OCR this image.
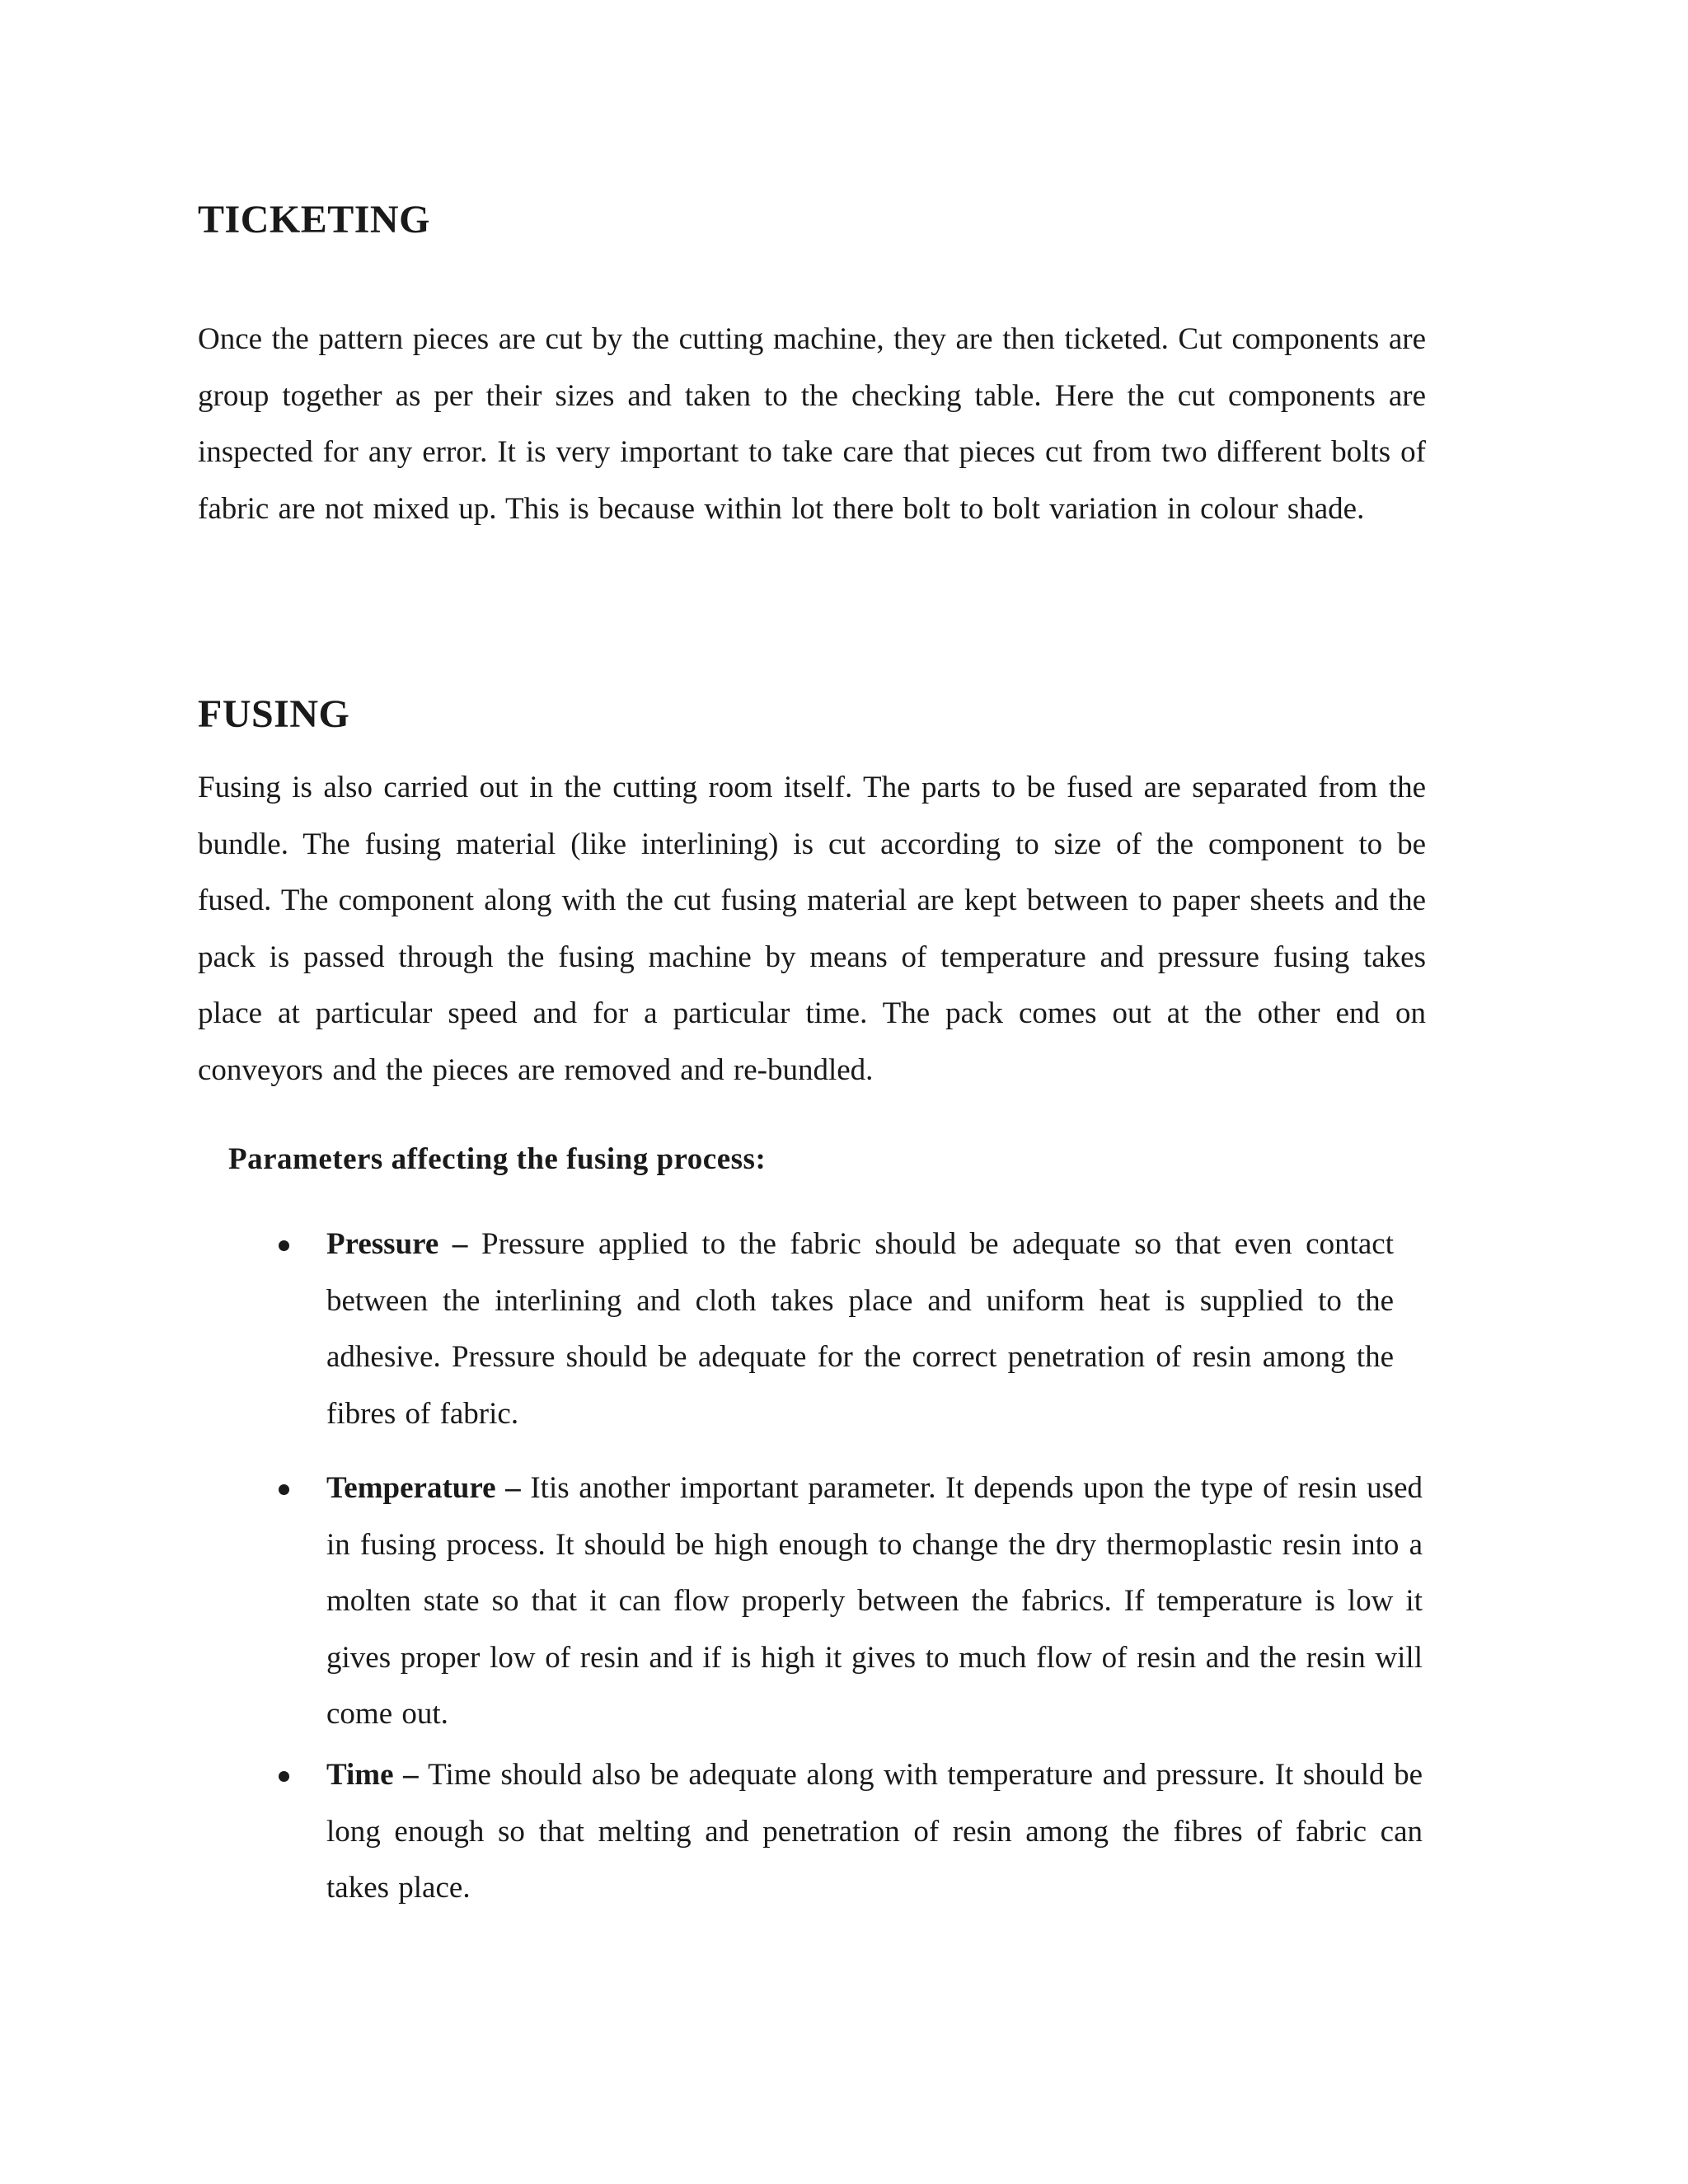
TICKETING

Once the pattern pieces are cut by the cutting machine, they are then ticketed. Cut components are group together as per their sizes and taken to the checking table. Here the cut components are inspected for any error. It is very important to take care that pieces cut from two different bolts of fabric are not mixed up. This is because within lot there bolt to bolt variation in colour shade.

FUSING

Fusing is also carried out in the cutting room itself. The parts to be fused are separated from the bundle. The fusing material (like interlining) is cut according to size of the component to be fused. The component along with the cut fusing material are kept between to paper sheets and the pack is passed through the fusing machine by means of temperature and pressure fusing takes place at particular speed and for a particular time. The pack comes out at the other end on conveyors and the pieces are removed and re-bundled.

Parameters affecting the fusing process:

Pressure – Pressure applied to the fabric should be adequate so that even contact between the interlining and cloth takes place and uniform heat is supplied to the adhesive. Pressure should be adequate for the correct penetration of resin among the fibres of fabric.

Temperature – Itis another important parameter. It depends upon the type of resin used in fusing process. It should be high enough to change the dry thermoplastic resin into a molten state so that it can flow properly between the fabrics. If temperature is low it gives proper low of resin and if is high it gives to much flow of resin and the resin will come out.

Time – Time should also be adequate along with temperature and pressure. It should be long enough so that melting and penetration of resin among the fibres of fabric can takes place.
